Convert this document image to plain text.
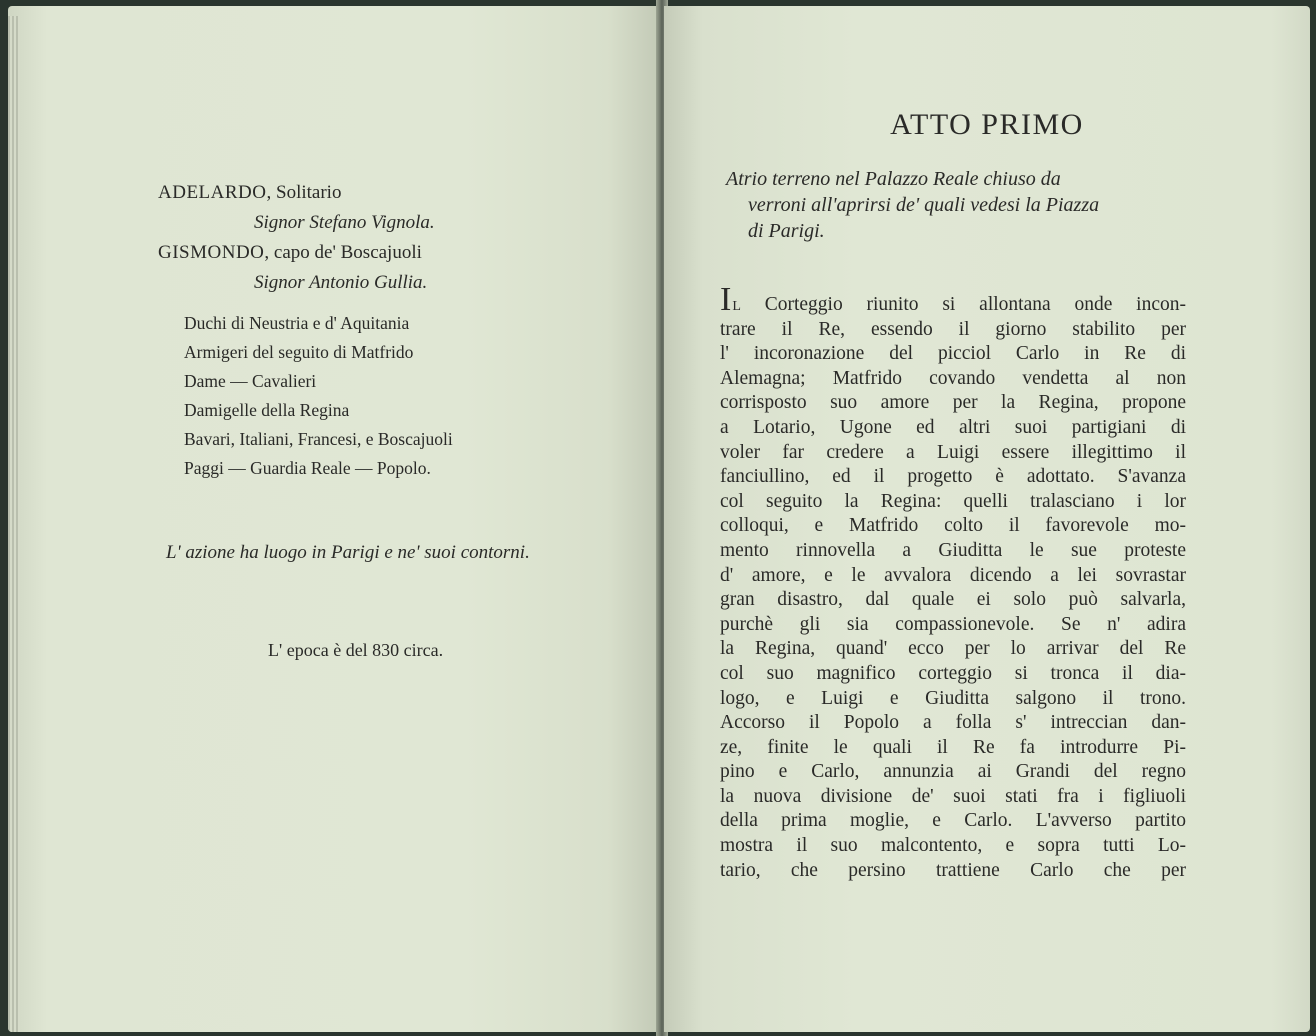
ADELARDO, Solitario
Signor Stefano Vignola.
GISMONDO, capo de' Boscajuoli
Signor Antonio Gullia.
Duchi di Neustria e d' Aquitania
Armigeri del seguito di Matfrido
Dame — Cavalieri
Damigelle della Regina
Bavari, Italiani, Francesi, e Boscajuoli
Paggi — Guardia Reale — Popolo.
L' azione ha luogo in Parigi e ne' suoi contorni.
L' epoca è del 830 circa.
ATTO PRIMO
Atrio terreno nel Palazzo Reale chiuso da
verroni all'aprirsi de' quali vedesi la Piazza
di Parigi.
Il Corteggio riunito si allontana onde incon-
trare il Re, essendo il giorno stabilito per
l' incoronazione del picciol Carlo in Re di
Alemagna; Matfrido covando vendetta al non
corrisposto suo amore per la Regina, propone
a Lotario, Ugone ed altri suoi partigiani di
voler far credere a Luigi essere illegittimo il
fanciullino, ed il progetto è adottato. S'avanza
col seguito la Regina: quelli tralasciano i lor
colloqui, e Matfrido colto il favorevole mo-
mento rinnovella a Giuditta le sue proteste
d' amore, e le avvalora dicendo a lei sovrastar
gran disastro, dal quale ei solo può salvarla,
purchè gli sia compassionevole. Se n' adira
la Regina, quand' ecco per lo arrivar del Re
col suo magnifico corteggio si tronca il dia-
logo, e Luigi e Giuditta salgono il trono.
Accorso il Popolo a folla s' intreccian dan-
ze, finite le quali il Re fa introdurre Pi-
pino e Carlo, annunzia ai Grandi del regno
la nuova divisione de' suoi stati fra i figliuoli
della prima moglie, e Carlo. L'avverso partito
mostra il suo malcontento, e sopra tutti Lo-
tario, che persino trattiene Carlo che per
